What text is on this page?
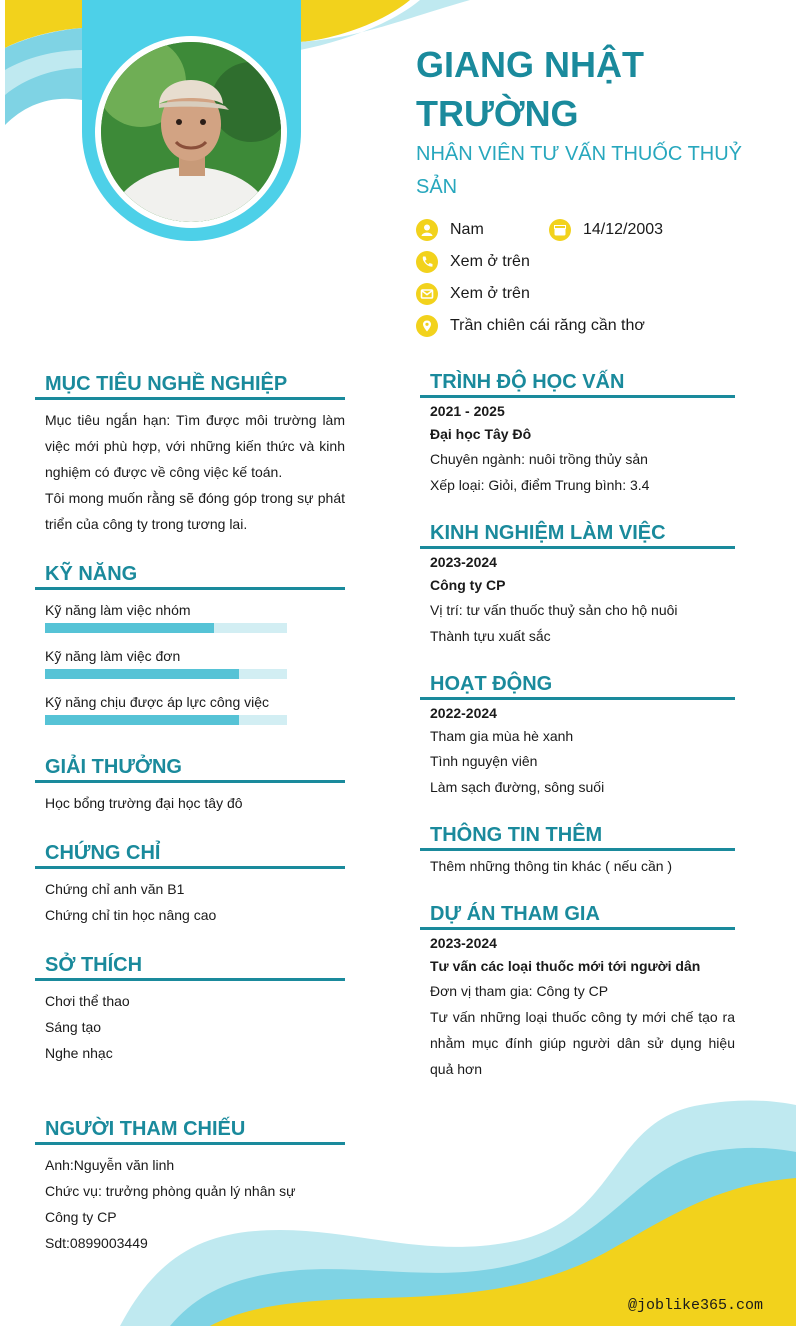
GIANG NHẬT TRƯỜNG
NHÂN VIÊN TƯ VẤN THUỐC THUỶ SẢN
Nam	14/12/2003
Xem ở trên
Xem ở trên
Trần chiên cái răng cần thơ
MỤC TIÊU NGHỀ NGHIỆP
Mục tiêu ngắn hạn: Tìm được môi trường làm việc mới phù hợp, với những kiến thức và kinh nghiệm có được về công việc kế toán.
Tôi mong muốn rằng sẽ đóng góp trong sự phát triển của công ty trong tương lai.
KỸ NĂNG
Kỹ năng làm việc nhóm
Kỹ năng làm việc đơn
Kỹ năng chịu được áp lực công việc
GIẢI THƯỞNG
Học bổng trường đại học tây đô
CHỨNG CHỈ
Chứng chỉ anh văn B1
Chứng chỉ tin học nâng cao
SỞ THÍCH
Chơi thể thao
Sáng tạo
Nghe nhạc
NGƯỜI THAM CHIẾU
Anh:Nguyễn văn linh
Chức vụ: trưởng phòng quản lý nhân sự
Công ty CP
Sdt:0899003449
TRÌNH ĐỘ HỌC VẤN
2021 - 2025
Đại học Tây Đô
Chuyên ngành: nuôi trồng thủy sản
Xếp loại: Giỏi, điểm Trung bình: 3.4
KINH NGHIỆM LÀM VIỆC
2023-2024
Công ty CP
Vị trí: tư vấn thuốc thuỷ sản cho hộ nuôi
Thành tựu xuất sắc
HOẠT ĐỘNG
2022-2024
Tham gia mùa hè xanh
Tình nguyện viên
Làm sạch đường, sông suối
THÔNG TIN THÊM
Thêm những thông tin khác ( nếu cần )
DỰ ÁN THAM GIA
2023-2024
Tư vấn các loại thuốc mới tới người dân
Đơn vị tham gia: Công ty CP
Tư vấn những loại thuốc công ty mới chế tạo ra nhằm mục đính giúp người dân sử dụng hiệu quả hơn
@joblike365.com
